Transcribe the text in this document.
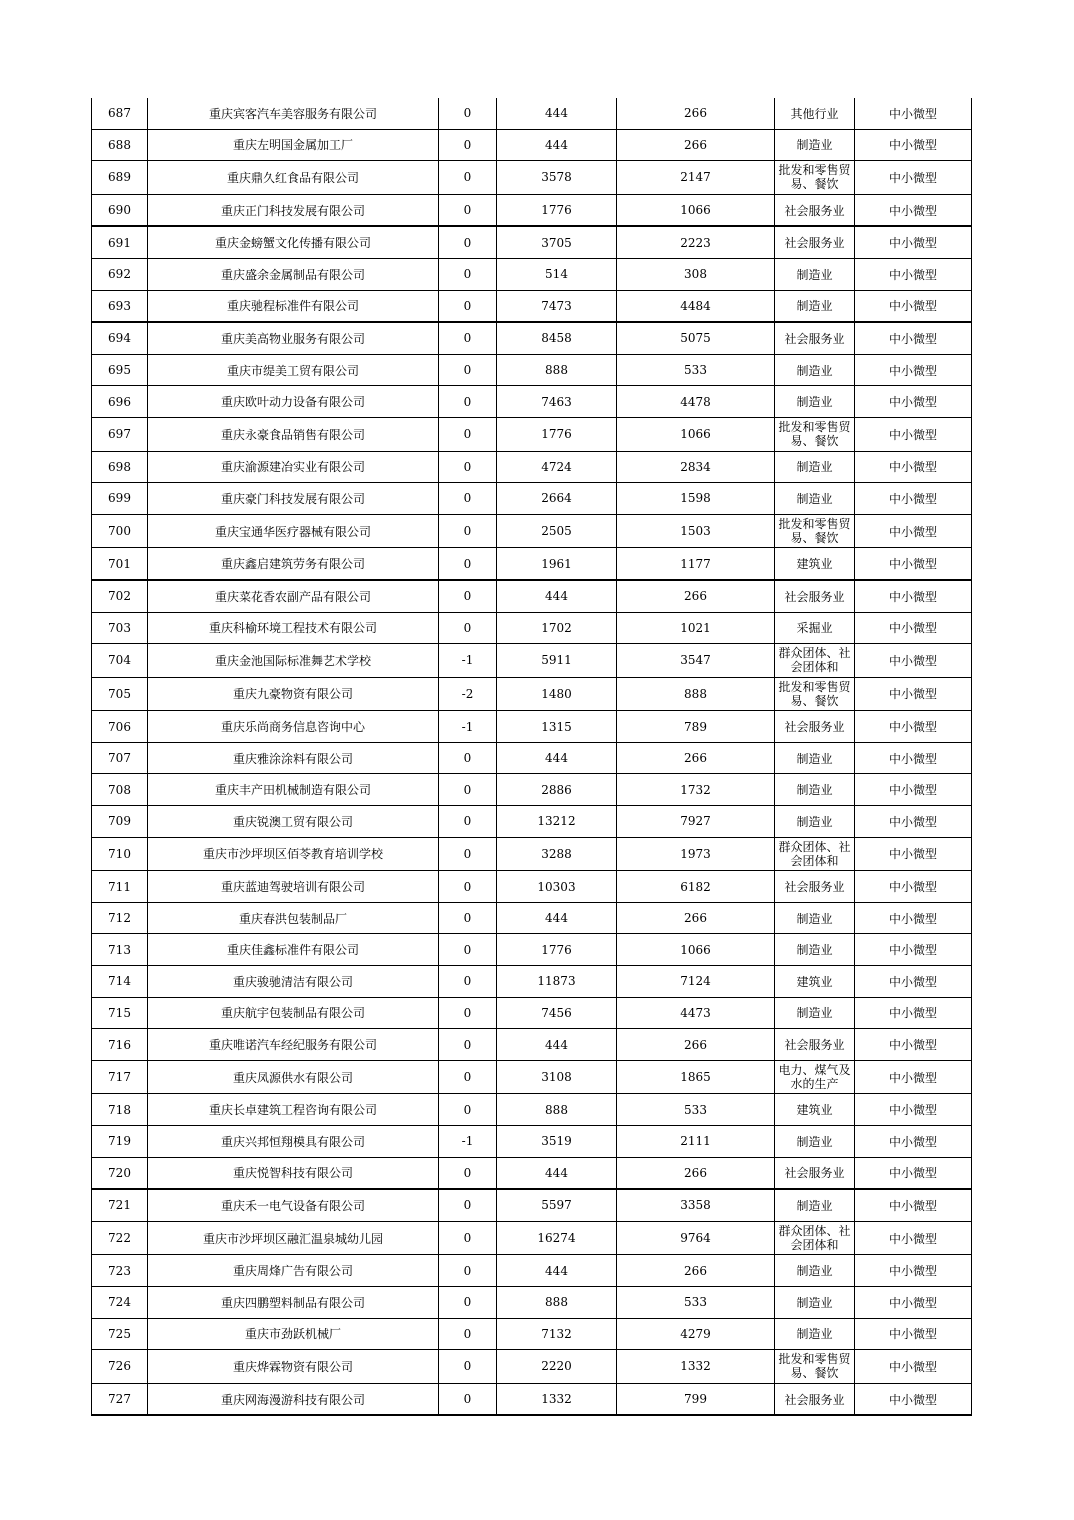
687	重庆宾客汽车美容服务有限公司	0	444	266	其他行业	中小微型
688	重庆左明国金属加工厂	0	444	266	制造业	中小微型
689	重庆鼎久红食品有限公司	0	3578	2147	批发和零售贸易、餐饮	中小微型
690	重庆正门科技发展有限公司	0	1776	1066	社会服务业	中小微型
691	重庆金螃蟹文化传播有限公司	0	3705	2223	社会服务业	中小微型
692	重庆盛余金属制品有限公司	0	514	308	制造业	中小微型
693	重庆驰程标准件有限公司	0	7473	4484	制造业	中小微型
694	重庆美高物业服务有限公司	0	8458	5075	社会服务业	中小微型
695	重庆市缇美工贸有限公司	0	888	533	制造业	中小微型
696	重庆欧叶动力设备有限公司	0	7463	4478	制造业	中小微型
697	重庆永豪食品销售有限公司	0	1776	1066	批发和零售贸易、餐饮	中小微型
698	重庆渝源建冶实业有限公司	0	4724	2834	制造业	中小微型
699	重庆豪门科技发展有限公司	0	2664	1598	制造业	中小微型
700	重庆宝通华医疗器械有限公司	0	2505	1503	批发和零售贸易、餐饮	中小微型
701	重庆鑫启建筑劳务有限公司	0	1961	1177	建筑业	中小微型
702	重庆菜花香农副产品有限公司	0	444	266	社会服务业	中小微型
703	重庆科榆环境工程技术有限公司	0	1702	1021	采掘业	中小微型
704	重庆金池国际标准舞艺术学校	-1	5911	3547	群众团体、社会团体和	中小微型
705	重庆九豪物资有限公司	-2	1480	888	批发和零售贸易、餐饮	中小微型
706	重庆乐尚商务信息咨询中心	-1	1315	789	社会服务业	中小微型
707	重庆雅涂涂料有限公司	0	444	266	制造业	中小微型
708	重庆丰产田机械制造有限公司	0	2886	1732	制造业	中小微型
709	重庆锐澳工贸有限公司	0	13212	7927	制造业	中小微型
710	重庆市沙坪坝区佰苓教育培训学校	0	3288	1973	群众团体、社会团体和	中小微型
711	重庆蓝迪驾驶培训有限公司	0	10303	6182	社会服务业	中小微型
712	重庆春洪包装制品厂	0	444	266	制造业	中小微型
713	重庆佳鑫标准件有限公司	0	1776	1066	制造业	中小微型
714	重庆骏驰清洁有限公司	0	11873	7124	建筑业	中小微型
715	重庆航宇包装制品有限公司	0	7456	4473	制造业	中小微型
716	重庆唯诺汽车经纪服务有限公司	0	444	266	社会服务业	中小微型
717	重庆凤源供水有限公司	0	3108	1865	电力、煤气及水的生产	中小微型
718	重庆长卓建筑工程咨询有限公司	0	888	533	建筑业	中小微型
719	重庆兴邦恒翔模具有限公司	-1	3519	2111	制造业	中小微型
720	重庆悦智科技有限公司	0	444	266	社会服务业	中小微型
721	重庆禾一电气设备有限公司	0	5597	3358	制造业	中小微型
722	重庆市沙坪坝区融汇温泉城幼儿园	0	16274	9764	群众团体、社会团体和	中小微型
723	重庆周烽广告有限公司	0	444	266	制造业	中小微型
724	重庆四鹏塑料制品有限公司	0	888	533	制造业	中小微型
725	重庆市劲跃机械厂	0	7132	4279	制造业	中小微型
726	重庆烨霖物资有限公司	0	2220	1332	批发和零售贸易、餐饮	中小微型
727	重庆网海漫游科技有限公司	0	1332	799	社会服务业	中小微型
